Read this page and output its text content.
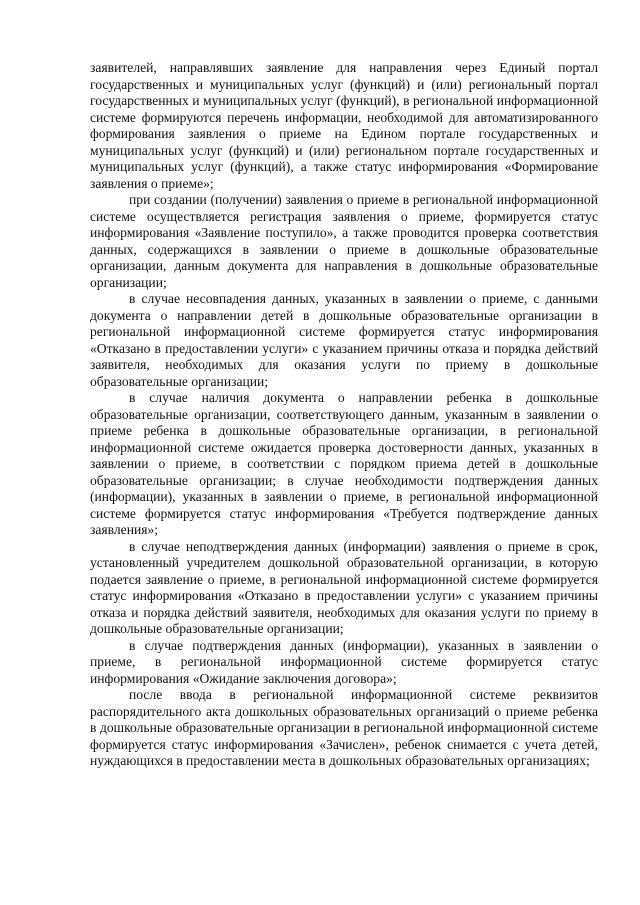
заявителей, направлявших заявление для направления через Единый портал государственных и муниципальных услуг (функций) и (или) региональный портал государственных и муниципальных услуг (функций), в региональной информационной системе формируются перечень информации, необходимой для автоматизированного формирования заявления о приеме на Едином портале государственных и муниципальных услуг (функций) и (или) региональном портале государственных и муниципальных услуг (функций), а также статус информирования «Формирование заявления о приеме»;

при создании (получении) заявления о приеме в региональной информационной системе осуществляется регистрация заявления о приеме, формируется статус информирования «Заявление поступило», а также проводится проверка соответствия данных, содержащихся в заявлении о приеме в дошкольные образовательные организации, данным документа для направления в дошкольные образовательные организации;

в случае несовпадения данных, указанных в заявлении о приеме, с данными документа о направлении детей в дошкольные образовательные организации в региональной информационной системе формируется статус информирования «Отказано в предоставлении услуги» с указанием причины отказа и порядка действий заявителя, необходимых для оказания услуги по приему в дошкольные образовательные организации;

в случае наличия документа о направлении ребенка в дошкольные образовательные организации, соответствующего данным, указанным в заявлении о приеме ребенка в дошкольные образовательные организации, в региональной информационной системе ожидается проверка достоверности данных, указанных в заявлении о приеме, в соответствии с порядком приема детей в дошкольные образовательные организации; в случае необходимости подтверждения данных (информации), указанных в заявлении о приеме, в региональной информационной системе формируется статус информирования «Требуется подтверждение данных заявления»;

в случае неподтверждения данных (информации) заявления о приеме в срок, установленный учредителем дошкольной образовательной организации, в которую подается заявление о приеме, в региональной информационной системе формируется статус информирования «Отказано в предоставлении услуги» с указанием причины отказа и порядка действий заявителя, необходимых для оказания услуги по приему в дошкольные образовательные организации;

в случае подтверждения данных (информации), указанных в заявлении о приеме, в региональной информационной системе формируется статус информирования «Ожидание заключения договора»;

после ввода в региональной информационной системе реквизитов распорядительного акта дошкольных образовательных организаций о приеме ребенка в дошкольные образовательные организации в региональной информационной системе формируется статус информирования «Зачислен», ребенок снимается с учета детей, нуждающихся в предоставлении места в дошкольных образовательных организациях;
